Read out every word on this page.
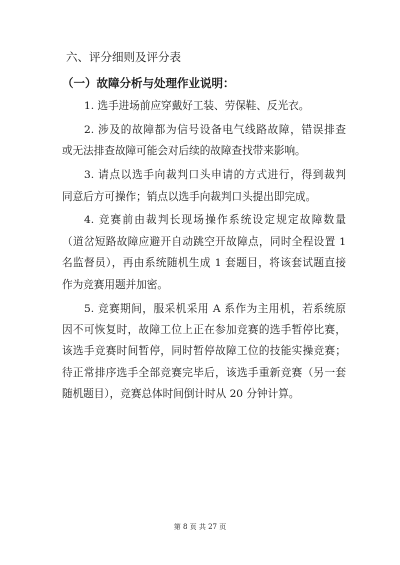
六、评分细则及评分表
（一）故障分析与处理作业说明：
1. 选手进场前应穿戴好工装、劳保鞋、反光衣。
2. 涉及的故障都为信号设备电气线路故障，错误排查
或无法排查故障可能会对后续的故障查找带来影响。
3. 请点以选手向裁判口头申请的方式进行，得到裁判
同意后方可操作；销点以选手向裁判口头提出即完成。
4. 竞赛前由裁判长现场操作系统设定规定故障数量
（道岔短路故障应避开自动跳空开故障点，同时全程设置 1
名监督员），再由系统随机生成 1 套题目，将该套试题直接
作为竞赛用题并加密。
5. 竞赛期间，服采机采用 A 系作为主用机，若系统原
因不可恢复时，故障工位上正在参加竞赛的选手暂停比赛，
该选手竞赛时间暂停，同时暂停故障工位的技能实操竞赛；
待正常排序选手全部竞赛完毕后，该选手重新竞赛（另一套
随机题目），竞赛总体时间倒计时从 20 分钟计算。
第 8 页 共 27 页
